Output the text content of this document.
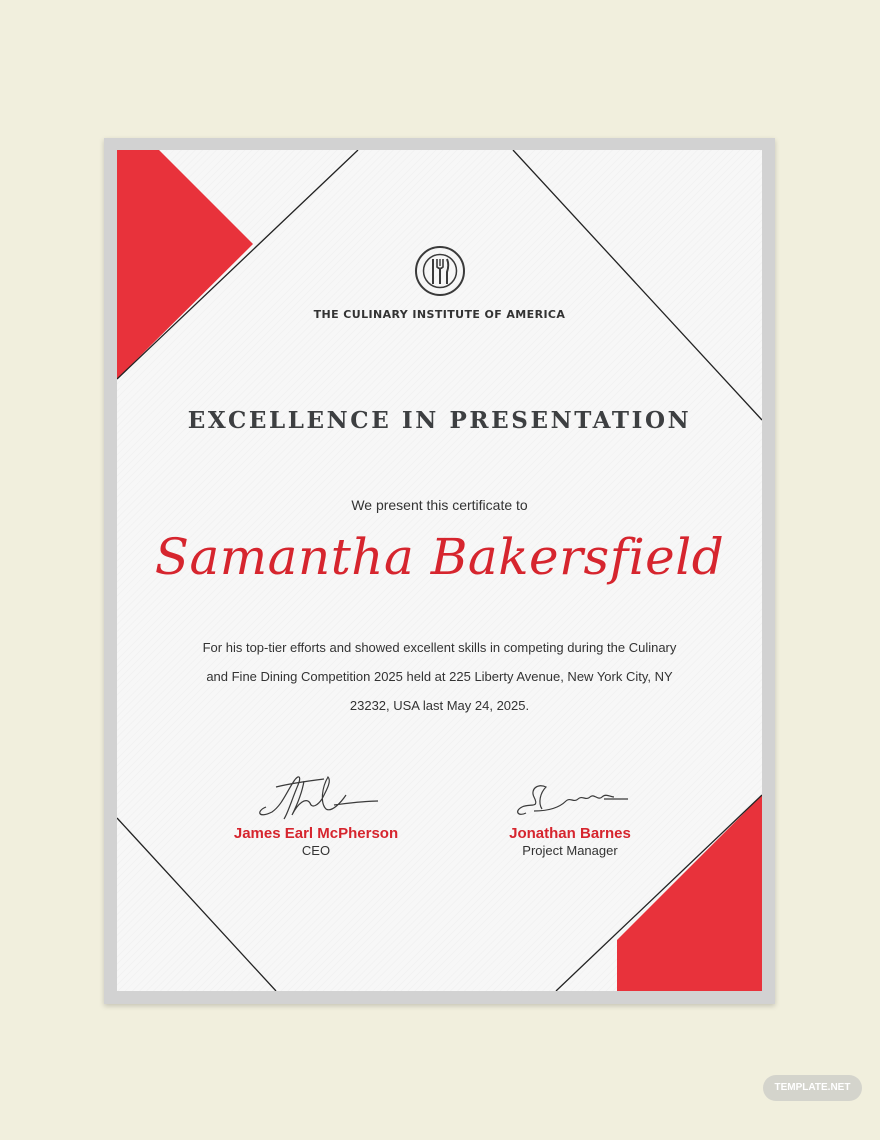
THE CULINARY INSTITUTE OF AMERICA
EXCELLENCE IN PRESENTATION
We present this certificate to
Samantha Bakersfield
For his top-tier efforts and showed excellent skills in competing during the Culinary and Fine Dining Competition 2025 held at 225 Liberty Avenue, New York City, NY 23232, USA last May 24, 2025.
James Earl McPherson
CEO
Jonathan Barnes
Project Manager
TEMPLATE.NET
